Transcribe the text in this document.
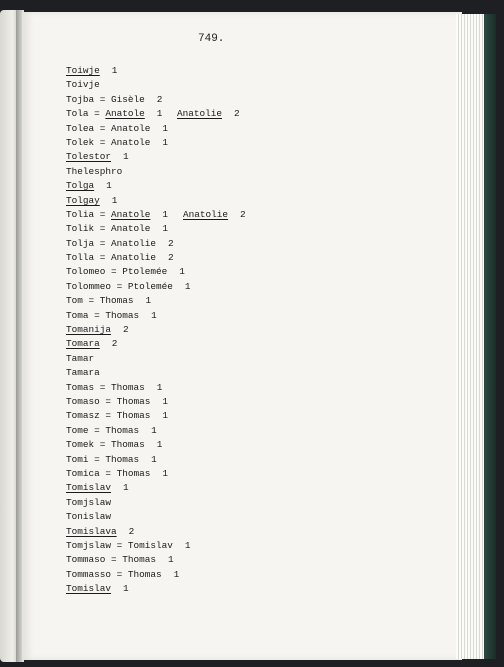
749.
Toiwje 1
Toivje
Tojba = Gisèle 2
Tola = Anatole 1 Anatolie 2
Tolea = Anatole 1
Tolek = Anatole 1
Tolestor 1
Thelesphro
Tolga 1
Tolgay 1
Tolia = Anatole 1 Anatolie 2
Tolik = Anatole 1
Tolja = Anatolie 2
Tolla = Anatolie 2
Tolomeo = Ptolemée 1
Tolommeo = Ptolemée 1
Tom = Thomas 1
Toma = Thomas 1
Tomanija 2
Tomara 2
Tamar
Tamara
Tomas = Thomas 1
Tomaso = Thomas 1
Tomasz = Thomas 1
Tome = Thomas 1
Tomek = Thomas 1
Tomi = Thomas 1
Tomica = Thomas 1
Tomislav 1
Tomjslaw
Tonislaw
Tomislava 2
Tomjslaw = Tomislav 1
Tommaso = Thomas 1
Tommasso = Thomas 1
Tomislav 1
